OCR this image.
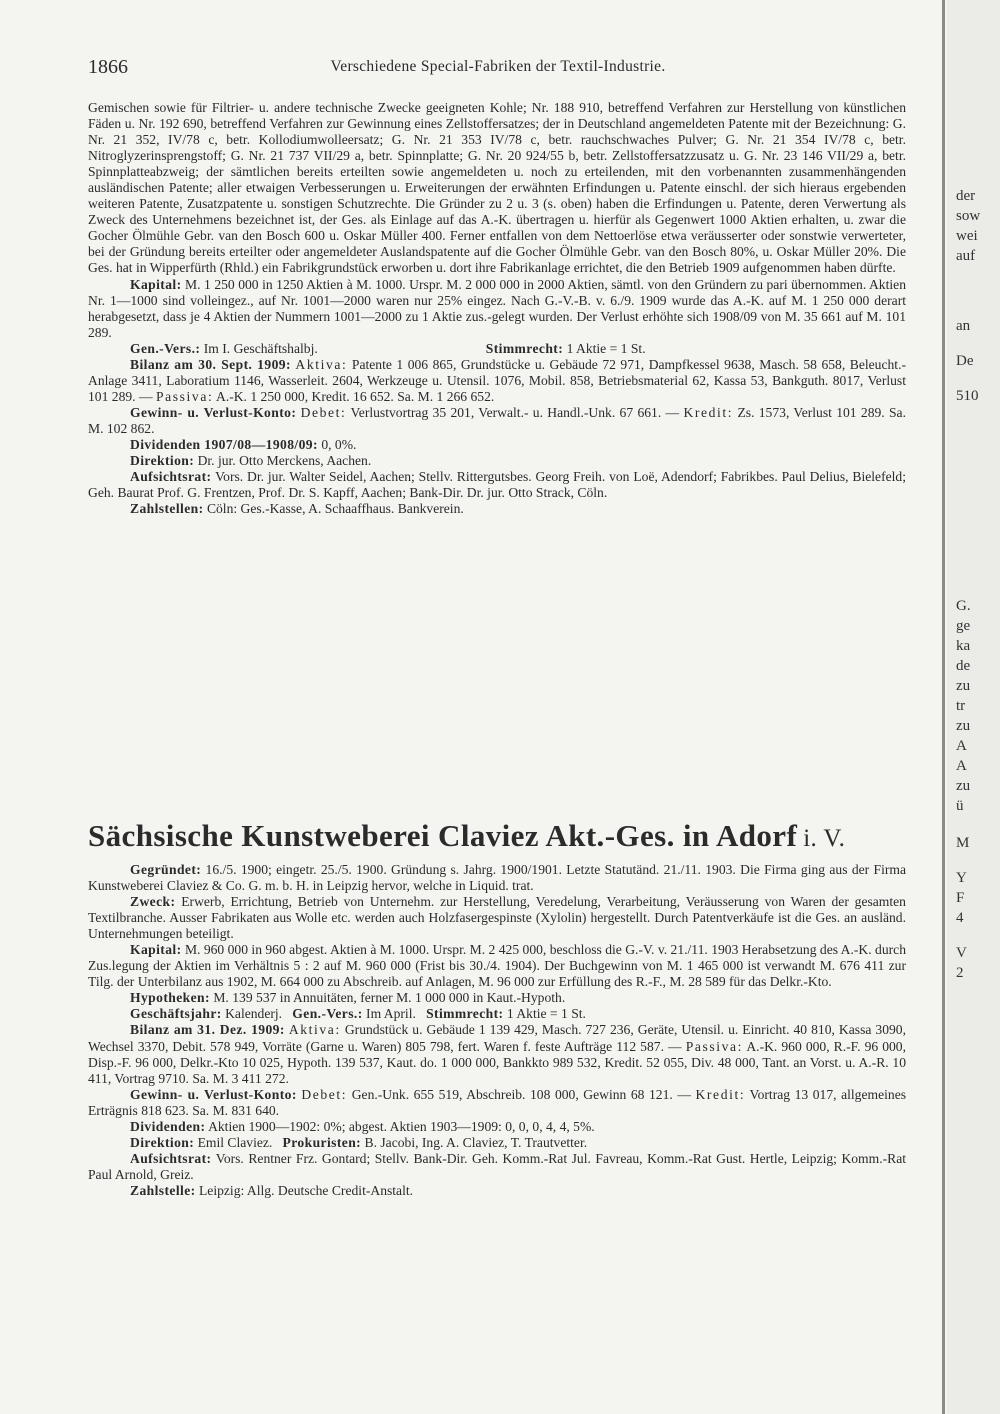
1866	Verschiedene Special-Fabriken der Textil-Industrie.

Gemischen sowie für Filtrier- u. andere technische Zwecke geeigneten Kohle; Nr. 188 910, betreffend Verfahren zur Herstellung von künstlichen Fäden u. Nr. 192 690, betreffend Verfahren zur Gewinnung eines Zellstoffersatzes; der in Deutschland angemeldeten Patente mit der Bezeichnung: G. Nr. 21 352, IV/78 c, betr. Kollodiumwolleersatz; G. Nr. 21 353 IV/78 c, betr. rauchschwaches Pulver; G. Nr. 21 354 IV/78 c, betr. Nitroglyzerinsprengstoff; G. Nr. 21 737 VII/29 a, betr. Spinnplatte; G. Nr. 20 924/55 b, betr. Zellstoffersatzzusatz u. G. Nr. 23 146 VII/29 a, betr. Spinnplatteabzweig; der sämtlichen bereits erteilten sowie angemeldeten u. noch zu erteilenden, mit den vorbenannten zusammenhängenden ausländischen Patente; aller etwaigen Verbesserungen u. Erweiterungen der erwähnten Erfindungen u. Patente einschl. der sich hieraus ergebenden weiteren Patente, Zusatzpatente u. sonstigen Schutzrechte. Die Gründer zu 2 u. 3 (s. oben) haben die Erfindungen u. Patente, deren Verwertung als Zweck des Unternehmens bezeichnet ist, der Ges. als Einlage auf das A.-K. übertragen u. hierfür als Gegenwert 1000 Aktien erhalten, u. zwar die Gocher Ölmühle Gebr. van den Bosch 600 u. Oskar Müller 400. Ferner entfallen von dem Nettoerlöse etwa veräusserter oder sonstwie verwerteter, bei der Gründung bereits erteilter oder angemeldeter Auslandspatente auf die Gocher Ölmühle Gebr. van den Bosch 80%, u. Oskar Müller 20%. Die Ges. hat in Wipperfürth (Rhld.) ein Fabrikgrundstück erworben u. dort ihre Fabrikanlage errichtet, die den Betrieb 1909 aufgenommen haben dürfte.

Kapital: M. 1 250 000 in 1250 Aktien à M. 1000. Urspr. M. 2 000 000 in 2000 Aktien, sämtl. von den Gründern zu pari übernommen. Aktien Nr. 1—1000 sind volleingez., auf Nr. 1001—2000 waren nur 25% eingez. Nach G.-V.-B. v. 6./9. 1909 wurde das A.-K. auf M. 1 250 000 derart herabgesetzt, dass je 4 Aktien der Nummern 1001—2000 zu 1 Aktie zus.-gelegt wurden. Der Verlust erhöhte sich 1908/09 von M. 35 661 auf M. 101 289.

Gen.-Vers.: Im I. Geschäftshalbj.	Stimmrecht: 1 Aktie = 1 St.

Bilanz am 30. Sept. 1909: Aktiva: Patente 1 006 865, Grundstücke u. Gebäude 72 971, Dampfkessel 9638, Masch. 58 658, Beleucht.-Anlage 3411, Laboratium 1146, Wasserleit. 2604, Werkzeuge u. Utensil. 1076, Mobil. 858, Betriebsmaterial 62, Kassa 53, Bankguth. 8017, Verlust 101 289. — Passiva: A.-K. 1 250 000, Kredit. 16 652. Sa. M. 1 266 652.

Gewinn- u. Verlust-Konto: Debet: Verlustvortrag 35 201, Verwalt.- u. Handl.-Unk. 67 661. — Kredit: Zs. 1573, Verlust 101 289. Sa. M. 102 862.

Dividenden 1907/08—1908/09: 0, 0%.

Direktion: Dr. jur. Otto Merckens, Aachen.

Aufsichtsrat: Vors. Dr. jur. Walter Seidel, Aachen; Stellv. Rittergutsbes. Georg Freih. von Loë, Adendorf; Fabrikbes. Paul Delius, Bielefeld; Geh. Baurat Prof. G. Frentzen, Prof. Dr. S. Kapff, Aachen; Bank-Dir. Dr. jur. Otto Strack, Cöln.

Zahlstellen: Cöln: Ges.-Kasse, A. Schaaffhaus. Bankverein.

Sächsische Kunstweberei Claviez Akt.-Ges. in Adorf i. V.

Gegründet: 16./5. 1900; eingetr. 25./5. 1900. Gründung s. Jahrg. 1900/1901. Letzte Statutänd. 21./11. 1903. Die Firma ging aus der Firma Kunstweberei Claviez & Co. G. m. b. H. in Leipzig hervor, welche in Liquid. trat.

Zweck: Erwerb, Errichtung, Betrieb von Unternehm. zur Herstellung, Veredelung, Verarbeitung, Veräusserung von Waren der gesamten Textilbranche. Ausser Fabrikaten aus Wolle etc. werden auch Holzfasergespinste (Xylolin) hergestellt. Durch Patentverkäufe ist die Ges. an ausländ. Unternehmungen beteiligt.

Kapital: M. 960 000 in 960 abgest. Aktien à M. 1000. Urspr. M. 2 425 000, beschloss die G.-V. v. 21./11. 1903 Herabsetzung des A.-K. durch Zus.legung der Aktien im Verhältnis 5 : 2 auf M. 960 000 (Frist bis 30./4. 1904). Der Buchgewinn von M. 1 465 000 ist verwandt M. 676 411 zur Tilg. der Unterbilanz aus 1902, M. 664 000 zu Abschreib. auf Anlagen, M. 96 000 zur Erfüllung des R.-F., M. 28 589 für das Delkr.-Kto.

Hypotheken: M. 139 537 in Annuitäten, ferner M. 1 000 000 in Kaut.-Hypoth.

Geschäftsjahr: Kalenderj. Gen.-Vers.: Im April. Stimmrecht: 1 Aktie = 1 St.

Bilanz am 31. Dez. 1909: Aktiva: Grundstück u. Gebäude 1 139 429, Masch. 727 236, Geräte, Utensil. u. Einricht. 40 810, Kassa 3090, Wechsel 3370, Debit. 578 949, Vorräte (Garne u. Waren) 805 798, fert. Waren f. feste Aufträge 112 587. — Passiva: A.-K. 960 000, R.-F. 96 000, Disp.-F. 96 000, Delkr.-Kto 10 025, Hypoth. 139 537, Kaut. do. 1 000 000, Bankkto 989 532, Kredit. 52 055, Div. 48 000, Tant. an Vorst. u. A.-R. 10 411, Vortrag 9710. Sa. M. 3 411 272.

Gewinn- u. Verlust-Konto: Debet: Gen.-Unk. 655 519, Abschreib. 108 000, Gewinn 68 121. — Kredit: Vortrag 13 017, allgemeines Erträgnis 818 623. Sa. M. 831 640.

Dividenden: Aktien 1900—1902: 0%; abgest. Aktien 1903—1909: 0, 0, 0, 4, 4, 5%.

Direktion: Emil Claviez. Prokuristen: B. Jacobi, Ing. A. Claviez, T. Trautvetter.

Aufsichtsrat: Vors. Rentner Frz. Gontard; Stellv. Bank-Dir. Geh. Komm.-Rat Jul. Favreau, Komm.-Rat Gust. Hertle, Leipzig; Komm.-Rat Paul Arnold, Greiz.

Zahlstelle: Leipzig: Allg. Deutsche Credit-Anstalt.

der
sow
wei
auf
an
De
510
G.
ge
ka
de
zu
tr
zu
A
A
zu
ü
M
Y
F
4
V
2
